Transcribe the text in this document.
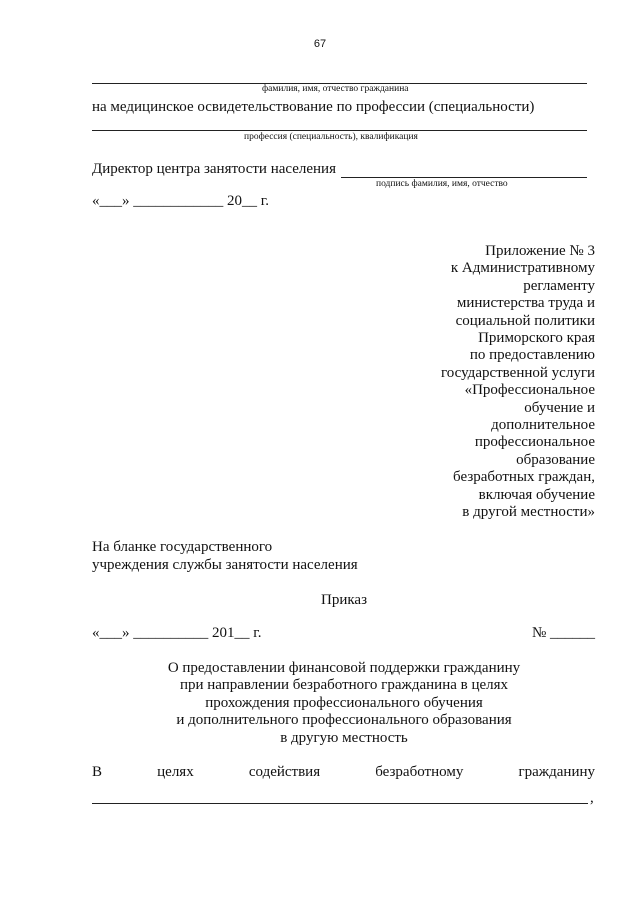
67
фамилия, имя, отчество гражданина
на медицинское освидетельствование по профессии (специальности)
профессия (специальность), квалификация
Директор центра занятости населения
подпись фамилия, имя, отчество
«___» ____________ 20__ г.
Приложение № 3
к Административному
регламенту
министерства труда и
социальной политики
Приморского края
по предоставлению
государственной услуги
«Профессиональное
обучение и
дополнительное
профессиональное
образование
безработных граждан,
включая обучение
в другой местности»
На бланке государственного
учреждения службы занятости населения
Приказ
«___» __________ 201__ г.	№ ______
О предоставлении финансовой поддержки гражданину
при направлении безработного гражданина в целях
прохождения профессионального обучения
и дополнительного профессионального образования
в другую местность
В	целях	содействия	безработному	гражданину
,
